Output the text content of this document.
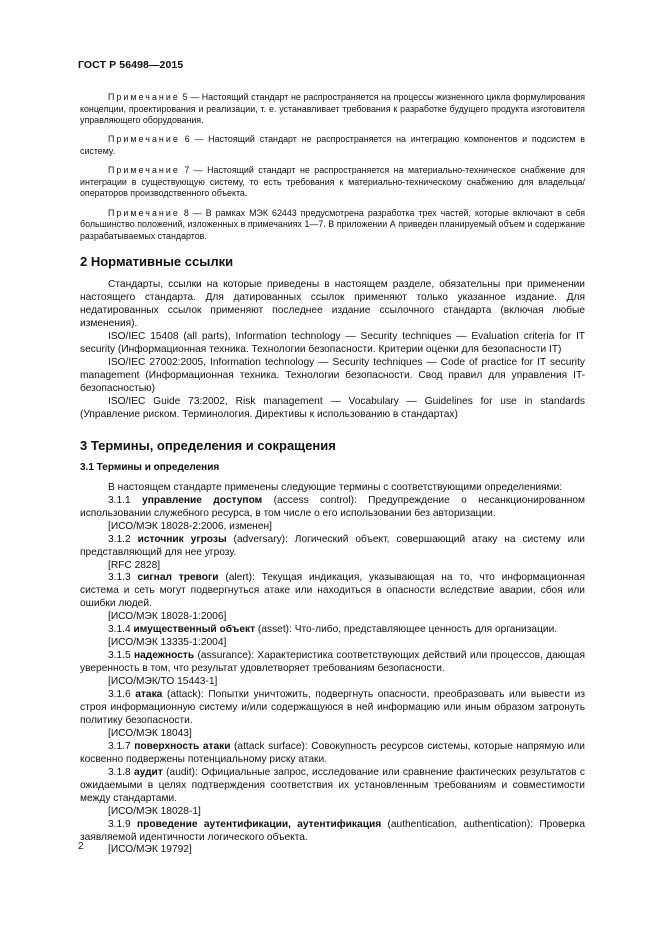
ГОСТ Р 56498—2015

Примечание 5 — Настоящий стандарт не распространяется на процессы жизненного цикла формулирования концепции, проектирования и реализации, т. е. устанавливает требования к разработке будущего продукта изготовителя управляющего оборудования.

Примечание 6 — Настоящий стандарт не распространяется на интеграцию компонентов и подсистем в систему.

Примечание 7 — Настоящий стандарт не распространяется на материально-техническое снабжение для интеграции в существующую систему, то есть требования к материально-техническому снабжению для владельца/операторов производственного объекта.

Примечание 8 — В рамках МЭК 62443 предусмотрена разработка трех частей, которые включают в себя большинство положений, изложенных в примечаниях 1—7. В приложении А приведен планируемый объем и содержание разрабатываемых стандартов.

2 Нормативные ссылки

Стандарты, ссылки на которые приведены в настоящем разделе, обязательны при применении настоящего стандарта. Для датированных ссылок применяют только указанное издание. Для недатированных ссылок применяют последнее издание ссылочного стандарта (включая любые изменения).

ISO/IEC 15408 (all parts), Information technology — Security techniques — Evaluation criteria for IT security (Информационная техника. Технологии безопасности. Критерии оценки для безопасности IT)

ISO/IEC 27002:2005, Information technology — Security techniques — Code of practice for IT security management (Информационная техника. Технологии безопасности. Свод правил для управления IT-безопасностью)

ISO/IEC Guide 73:2002, Risk management — Vocabulary — Guidelines for use in standards (Управление риском. Терминология. Директивы к использованию в стандартах)

3 Термины, определения и сокращения
3.1 Термины и определения

В настоящем стандарте применены следующие термины с соответствующими определениями:

3.1.1 управление доступом (access control): Предупреждение о несанкционированном использовании служебного ресурса, в том числе о его использовании без авторизации.

[ИСО/МЭК 18028-2:2006, изменен]

3.1.2 источник угрозы (adversary): Логический объект, совершающий атаку на систему или представляющий для нее угрозу.

[RFC 2828]

3.1.3 сигнал тревоги (alert): Текущая индикация, указывающая на то, что информационная система и сеть могут подвергнуться атаке или находиться в опасности вследствие аварии, сбоя или ошибки людей.

[ИСО/МЭК 18028-1:2006]

3.1.4 имущественный объект (asset): Что-либо, представляющее ценность для организации.

[ИСО/МЭК 13335-1:2004]

3.1.5 надежность (assurance): Характеристика соответствующих действий или процессов, дающая уверенность в том, что результат удовлетворяет требованиям безопасности.

[ИСО/МЭК/ТО 15443-1]

3.1.6 атака (attack): Попытки уничтожить, подвергнуть опасности, преобразовать или вывести из строя информационную систему и/или содержащуюся в ней информацию или иным образом затронуть политику безопасности.

[ИСО/МЭК 18043]

3.1.7 поверхность атаки (attack surface): Совокупность ресурсов системы, которые напрямую или косвенно подвержены потенциальному риску атаки.

3.1.8 аудит (audit): Официальные запрос, исследование или сравнение фактических результатов с ожидаемыми в целях подтверждения соответствия их установленным требованиям и совместимости между стандартами.

[ИСО/МЭК 18028-1]

3.1.9 проведение аутентификации, аутентификация (authentication, authentication): Проверка заявляемой идентичности логического объекта.

[ИСО/МЭК 19792]

2
